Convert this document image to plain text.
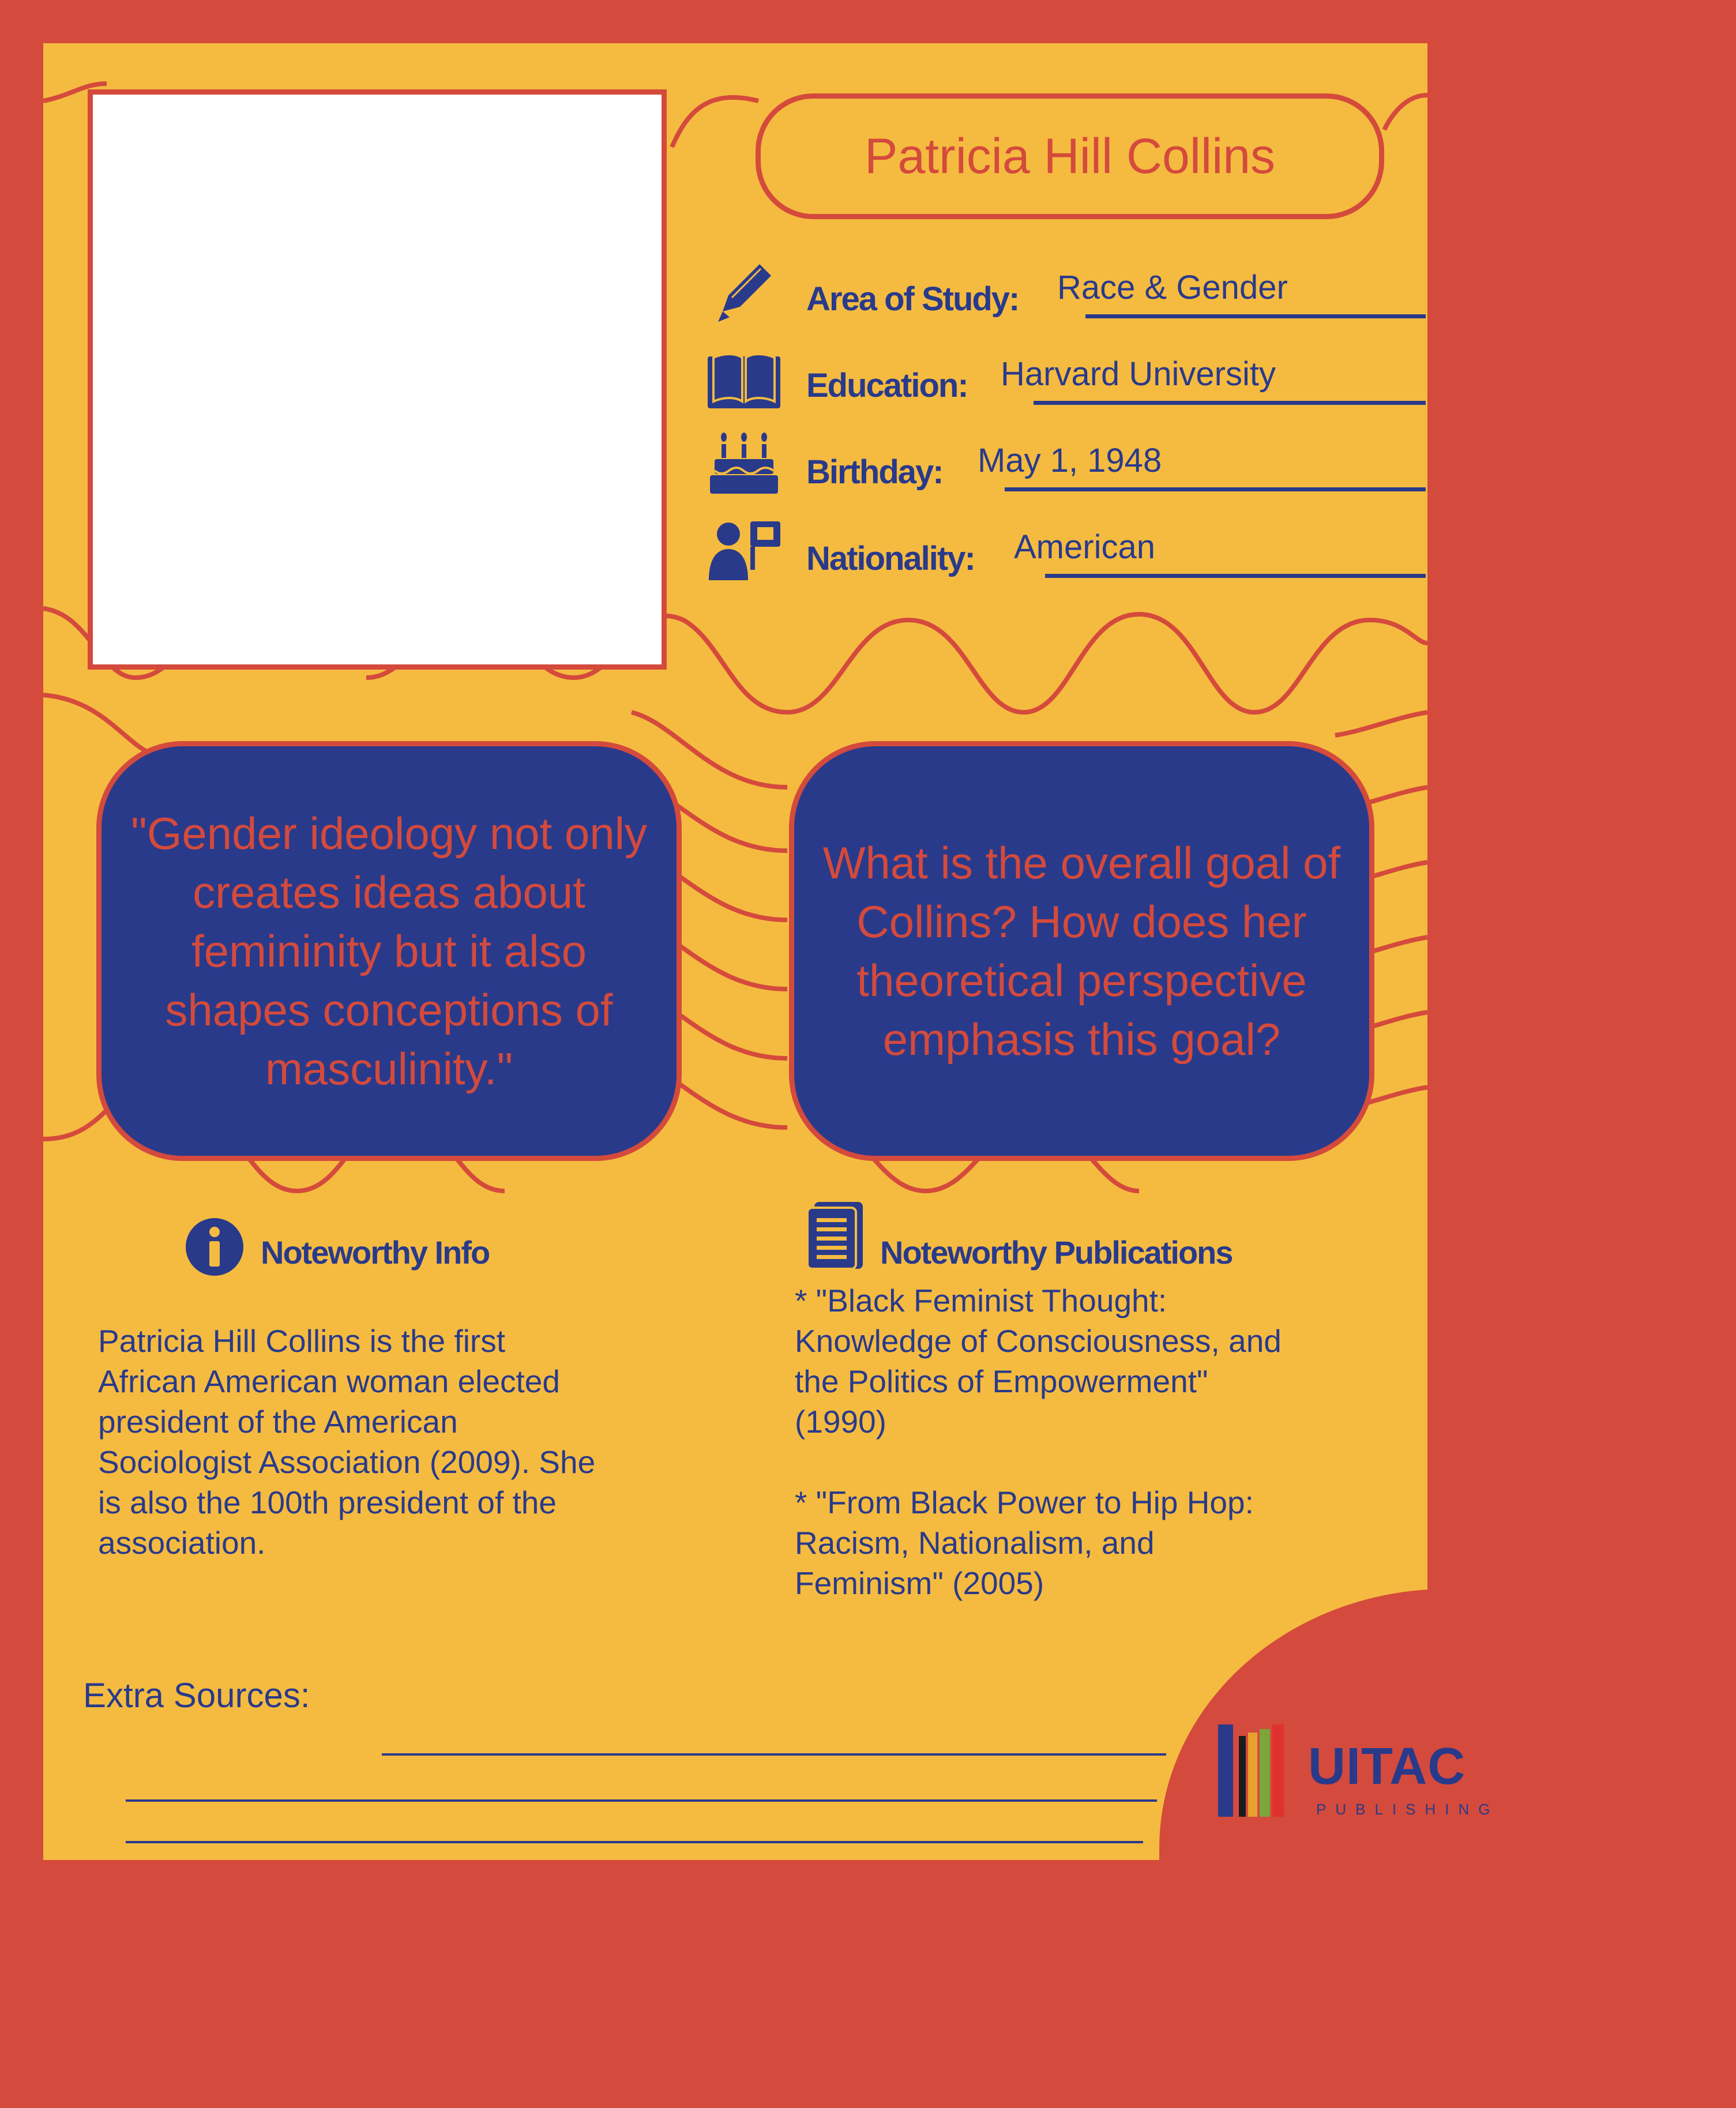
Patricia Hill Collins
Area of Study: Race & Gender
Education: Harvard University
Birthday: May 1, 1948
Nationality: American
"Gender ideology not only creates ideas about femininity but it also shapes conceptions of masculinity."
What is the overall goal of Collins? How does her theoretical perspective emphasis this goal?
Noteworthy Info
Patricia Hill Collins is the first
African American woman elected
president of the American
Sociologist Association (2009). She
is also the 100th president of the
association.
Noteworthy Publications
* "Black Feminist Thought:
Knowledge of Consciousness, and
the Politics of Empowerment"
(1990)
* "From Black Power to Hip Hop:
Racism, Nationalism, and
Feminism" (2005)
Extra Sources:
UITAC
PUBLISHING
